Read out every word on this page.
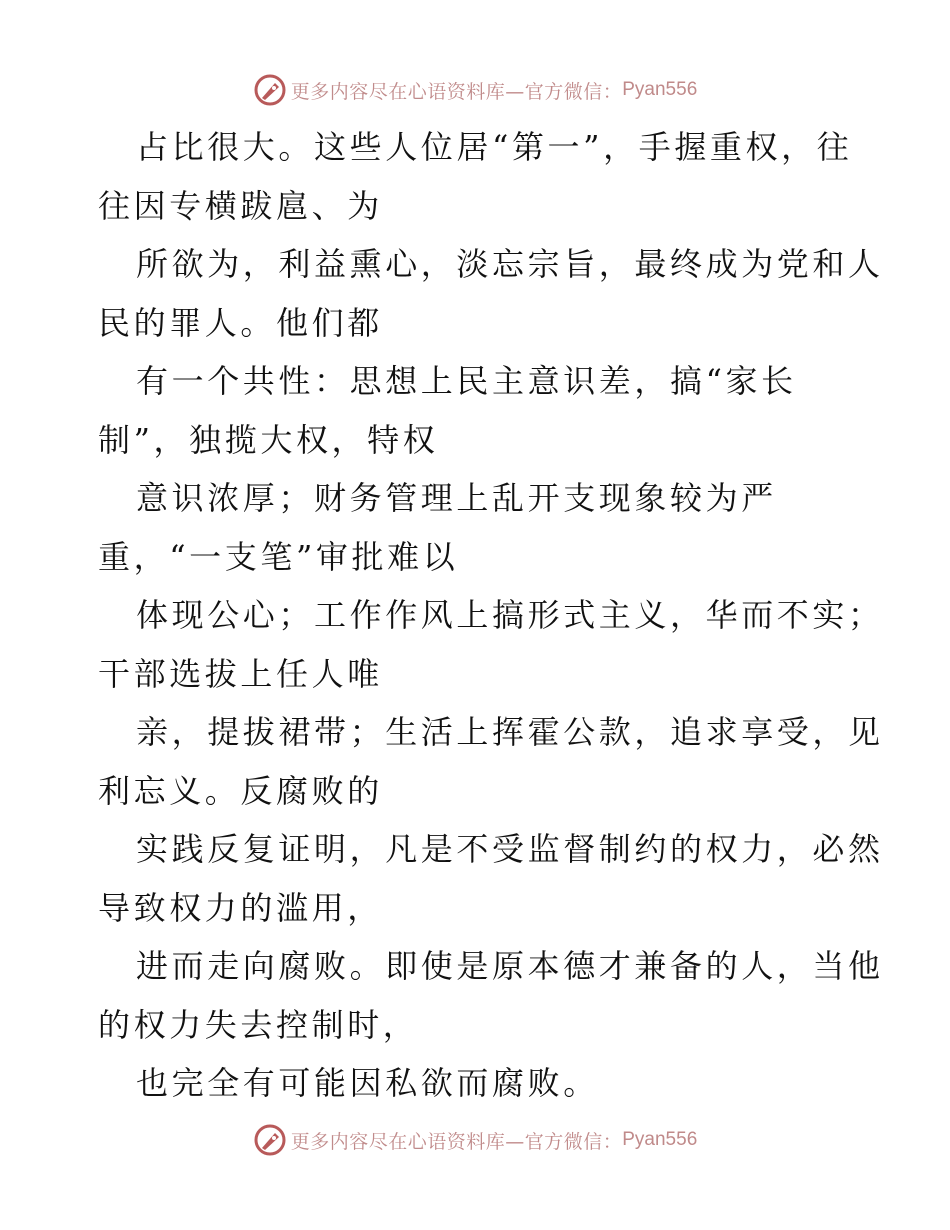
更多内容尽在心语资料库—官方微信： Pyan556
占比很大。这些人位居“第一”，手握重权，往
往因专横跋扈、为
所欲为，利益熏心，淡忘宗旨，最终成为党和人
民的罪人。他们都
有一个共性：思想上民主意识差，搞“家长
制”，独揽大权，特权
意识浓厚；财务管理上乱开支现象较为严
重，“一支笔”审批难以
体现公心；工作作风上搞形式主义，华而不实；
干部选拔上任人唯
亲，提拔裙带；生活上挥霍公款，追求享受，见
利忘义。反腐败的
实践反复证明，凡是不受监督制约的权力，必然
导致权力的滥用，
进而走向腐败。即使是原本德才兼备的人，当他
的权力失去控制时，
也完全有可能因私欲而腐败。
更多内容尽在心语资料库—官方微信： Pyan556
